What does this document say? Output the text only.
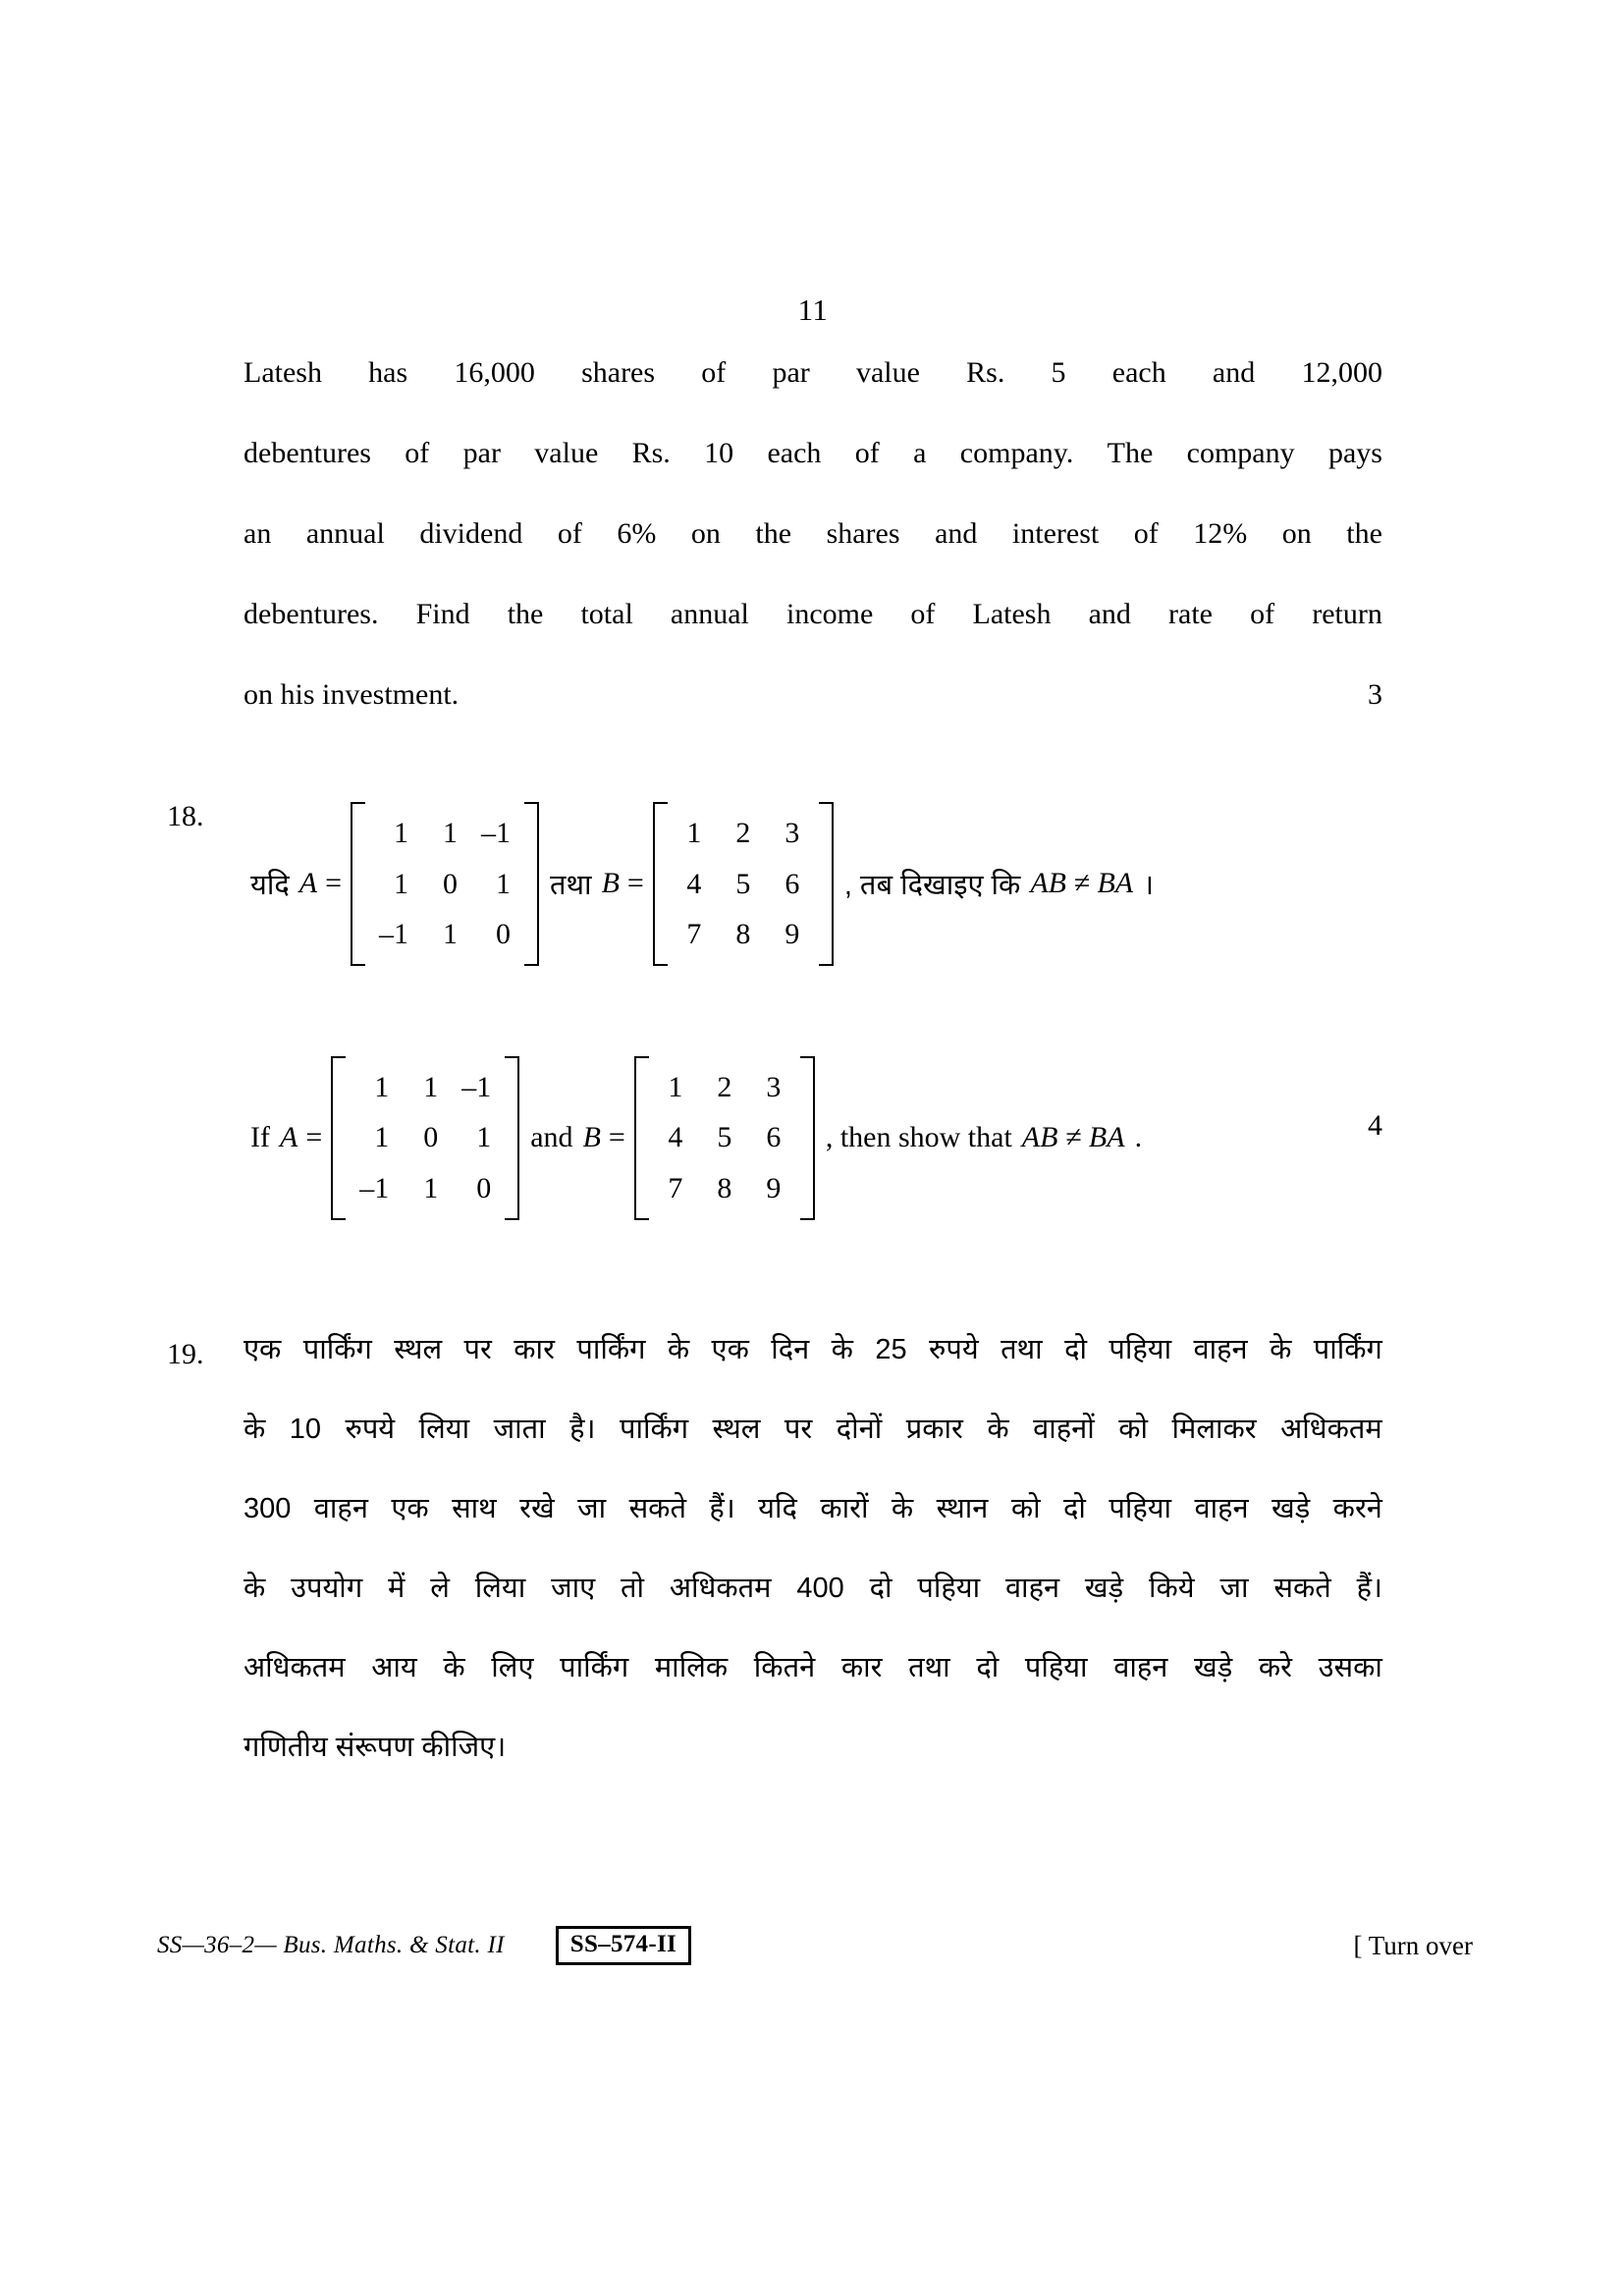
11
Latesh has 16,000 shares of par value Rs. 5 each and 12,000
debentures of par value Rs. 10 each of a company. The company pays
an annual dividend of 6% on the shares and interest of 12% on the
debentures. Find the total annual income of Latesh and rate of return
on his investment.	3
18.
यदि A =
1	1 –1
1	0	1
–1	1	0
तथा B =
1	2	3
4	5	6
7	8	9
, तब दिखाइए कि AB ≠ BA ।
If A =
1	1 –1
1	0	1
–1	1	0
and B =
1	2	3
4	5	6
7	8	9
, then show that AB ≠ BA .	4
19. एक पार्किंग स्थल पर कार पार्किंग के एक दिन के 25 रुपये तथा दो पहिया वाहन के पार्किंग
के 10 रुपये लिया जाता है। पार्किंग स्थल पर दोनों प्रकार के वाहनों को मिलाकर अधिकतम
300 वाहन एक साथ रखे जा सकते हैं। यदि कारों के स्थान को दो पहिया वाहन खड़े करने
के उपयोग में ले लिया जाए तो अधिकतम 400 दो पहिया वाहन खड़े किये जा सकते हैं।
अधिकतम आय के लिए पार्किंग मालिक कितने कार तथा दो पहिया वाहन खड़े करे उसका
गणितीय संरूपण कीजिए।
SS—36–2— Bus. Maths. & Stat. II	SS–574-II	[ Turn over
